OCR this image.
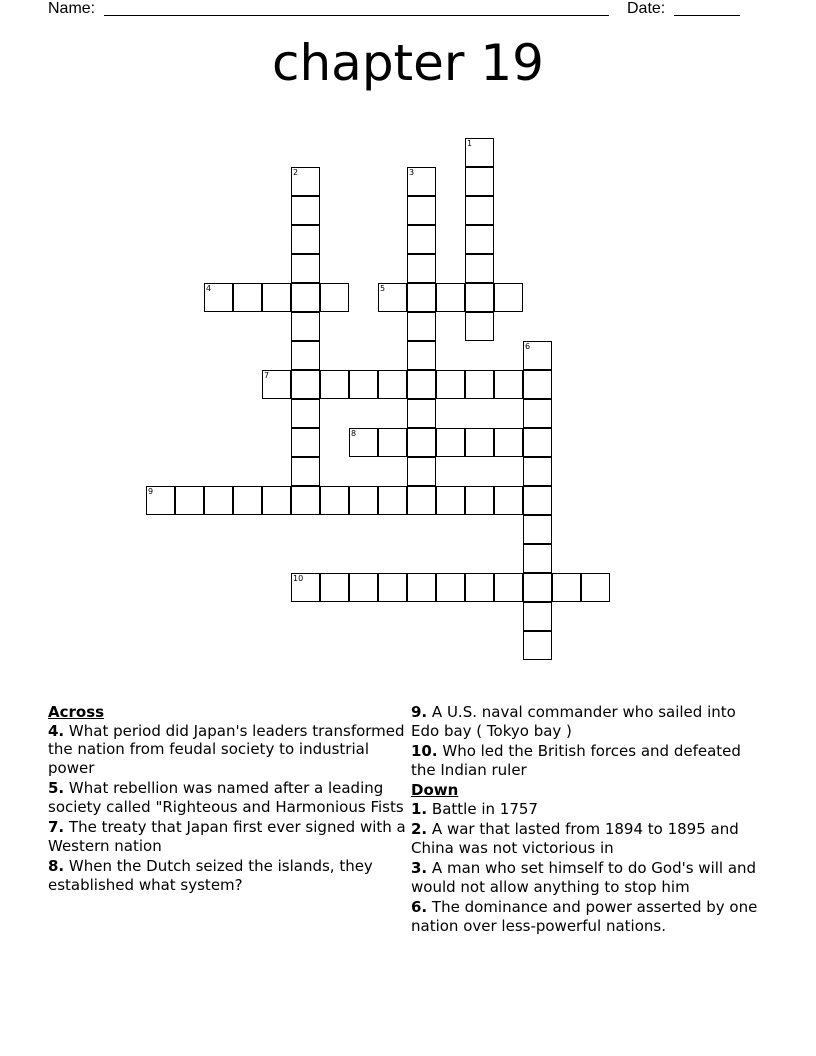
Name:	Date:
chapter 19
1
2	3
4	5
6
7
8
9
10
Across
4. What period did Japan's leaders transformed the nation from feudal society to industrial power
5. What rebellion was named after a leading society called "Righteous and Harmonious Fists
7. The treaty that Japan first ever signed with a Western nation
8. When the Dutch seized the islands, they established what system?
9. A U.S. naval commander who sailed into Edo bay ( Tokyo bay )
10. Who led the British forces and defeated the Indian ruler
Down
1. Battle in 1757
2. A war that lasted from 1894 to 1895 and China was not victorious in
3. A man who set himself to do God's will and would not allow anything to stop him
6. The dominance and power asserted by one nation over less-powerful nations.
